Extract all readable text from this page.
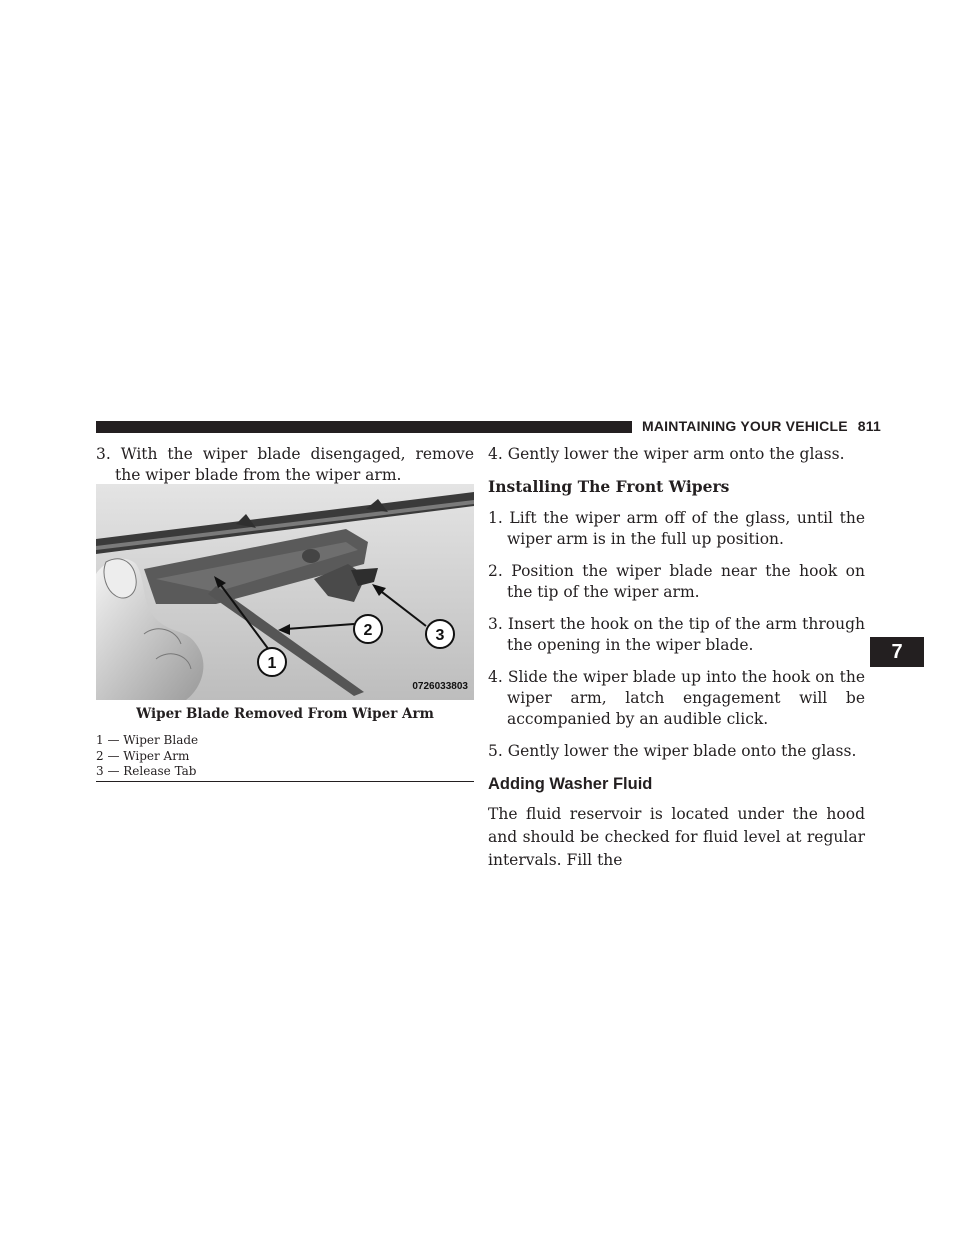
MAINTAINING YOUR VEHICLE 811

3. With the wiper blade disengaged, remove the wiper blade from the wiper arm.

1
2	3
0726033803
Wiper Blade Removed From Wiper Arm
1 — Wiper Blade
2 — Wiper Arm
3 — Release Tab

4. Gently lower the wiper arm onto the glass.

Installing The Front Wipers

1. Lift the wiper arm off of the glass, until the wiper arm is in the full up position.

2. Position the wiper blade near the hook on the tip of the wiper arm.

3. Insert the hook on the tip of the arm through the opening in the wiper blade.

4. Slide the wiper blade up into the hook on the wiper arm, latch engagement will be accompanied by an audible click.

5. Gently lower the wiper blade onto the glass.

Adding Washer Fluid

The fluid reservoir is located under the hood and should be checked for fluid level at regular intervals. Fill the

7
